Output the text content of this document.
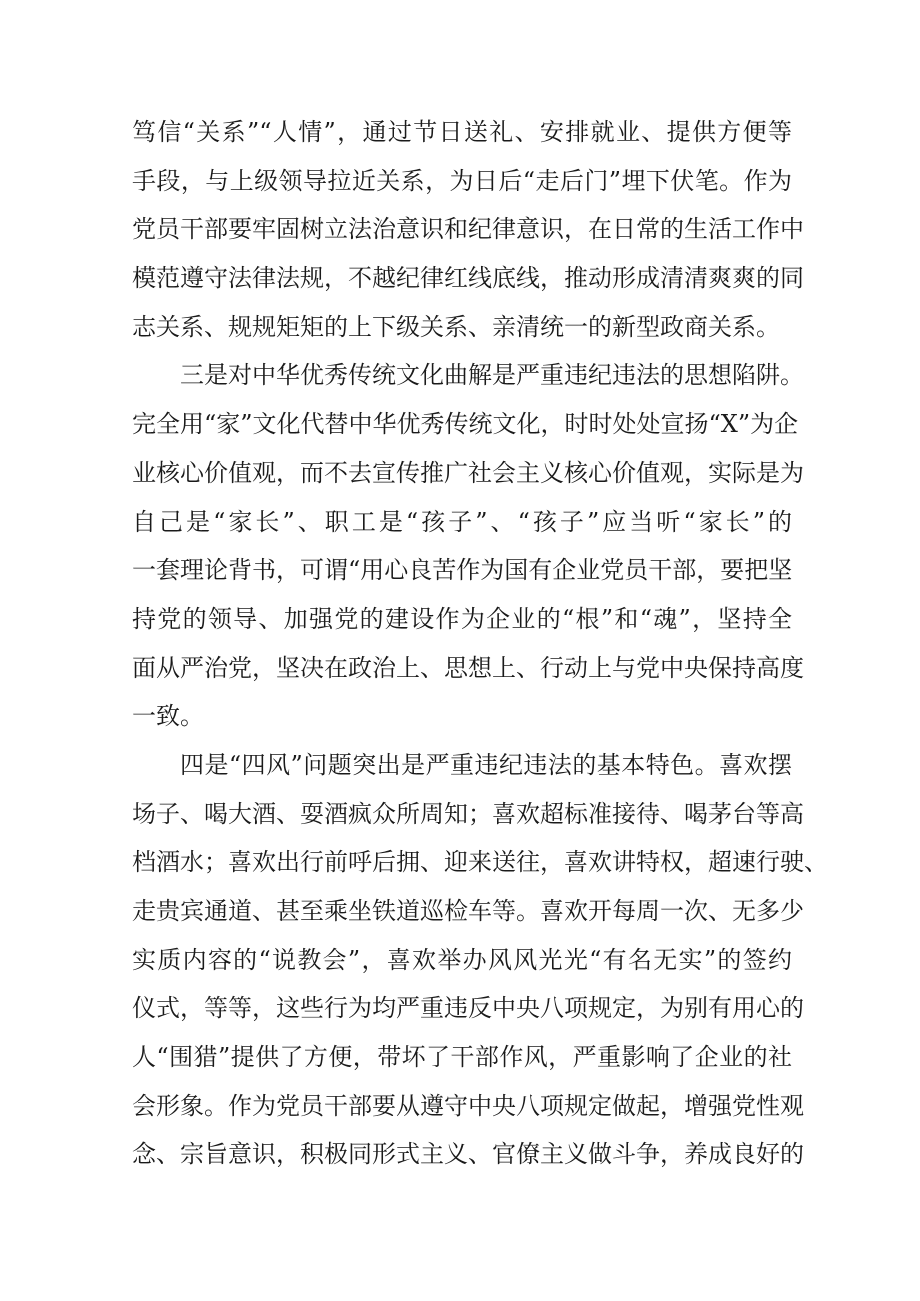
笃信“关系”“人情”，通过节日送礼、安排就业、提供方便等
手段，与上级领导拉近关系，为日后“走后门”埋下伏笔。作为
党员干部要牢固树立法治意识和纪律意识，在日常的生活工作中
模范遵守法律法规，不越纪律红线底线，推动形成清清爽爽的同
志关系、规规矩矩的上下级关系、亲清统一的新型政商关系。
三是对中华优秀传统文化曲解是严重违纪违法的思想陷阱。
完全用“家”文化代替中华优秀传统文化，时时处处宣扬“X”为企
业核心价值观，而不去宣传推广社会主义核心价值观，实际是为
自己是“家长”、职工是“孩子”、“孩子”应当听“家长”的
一套理论背书，可谓“用心良苦作为国有企业党员干部，要把坚
持党的领导、加强党的建设作为企业的“根”和“魂”，坚持全
面从严治党，坚决在政治上、思想上、行动上与党中央保持高度
一致。
四是“四风”问题突出是严重违纪违法的基本特色。喜欢摆
场子、喝大酒、耍酒疯众所周知；喜欢超标准接待、喝茅台等高
档酒水；喜欢出行前呼后拥、迎来送往，喜欢讲特权，超速行驶、
走贵宾通道、甚至乘坐铁道巡检车等。喜欢开每周一次、无多少
实质内容的“说教会”，喜欢举办风风光光“有名无实”的签约
仪式，等等，这些行为均严重违反中央八项规定，为别有用心的
人“围猎”提供了方便，带坏了干部作风，严重影响了企业的社
会形象。作为党员干部要从遵守中央八项规定做起，增强党性观
念、宗旨意识，积极同形式主义、官僚主义做斗争，养成良好的
